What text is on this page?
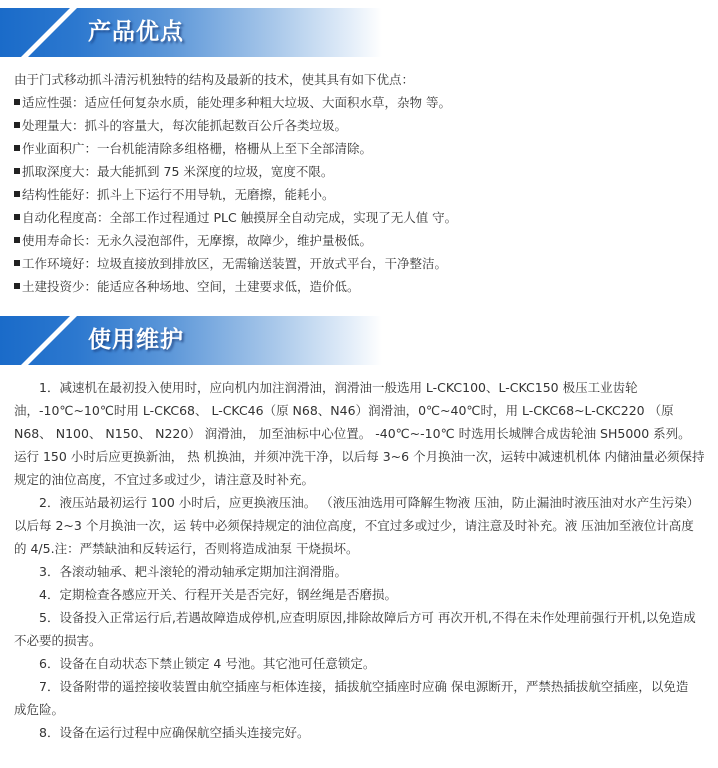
产品优点
由于门式移动抓斗清污机独特的结构及最新的技术，使其具有如下优点：
适应性强：适应任何复杂水质，能处理多种粗大垃圾、大面积水草，杂物 等。
处理量大：抓斗的容量大，每次能抓起数百公斤各类垃圾。
作业面积广：一台机能清除多组格栅，格栅从上至下全部清除。
抓取深度大：最大能抓到 75 米深度的垃圾，宽度不限。
结构性能好：抓斗上下运行不用导轨，无磨擦，能耗小。
自动化程度高：全部工作过程通过 PLC 触摸屏全自动完成，实现了无人值 守。
使用寿命长：无永久浸泡部件，无摩擦，故障少，维护量极低。
工作环境好：垃圾直接放到排放区，无需输送装置，开放式平台，干净整洁。
土建投资少：能适应各种场地、空间，土建要求低，造价低。
使用维护
1．减速机在最初投入使用时，应向机内加注润滑油，润滑油一般选用 L-CKC100、L-CKC150 极压工业齿轮
油，-10℃~10℃时用 L-CKC68、 L-CKC46（原 N68、N46）润滑油，0℃~40℃时，用 L-CKC68~L-CKC220 （原
N68、 N100、 N150、 N220） 润滑油， 加至油标中心位置。 -40℃~-10℃ 时选用长城牌合成齿轮油 SH5000 系列。
运行 150 小时后应更换新油， 热 机换油，并须冲洗干净，以后每 3~6 个月换油一次，运转中减速机机体 内储油量必须保持
规定的油位高度，不宜过多或过少，请注意及时补充。
2．液压站最初运行 100 小时后，应更换液压油。 （液压油选用可降解生物液 压油，防止漏油时液压油对水产生污染）
以后每 2~3 个月换油一次，运 转中必须保持规定的油位高度，不宜过多或过少，请注意及时补充。液 压油加至液位计高度
的 4/5.注：严禁缺油和反转运行，否则将造成油泵 干烧损坏。
3．各滚动轴承、耙斗滚轮的滑动轴承定期加注润滑脂。
4．定期检查各感应开关、行程开关是否完好，钢丝绳是否磨损。
5．设备投入正常运行后,若遇故障造成停机,应查明原因,排除故障后方可 再次开机,不得在未作处理前强行开机,以免造成
不必要的损害。
6．设备在自动状态下禁止锁定 4 号池。其它池可任意锁定。
7．设备附带的遥控接收装置由航空插座与柜体连接，插拔航空插座时应确 保电源断开，严禁热插拔航空插座，以免造
成危险。
8．设备在运行过程中应确保航空插头连接完好。
